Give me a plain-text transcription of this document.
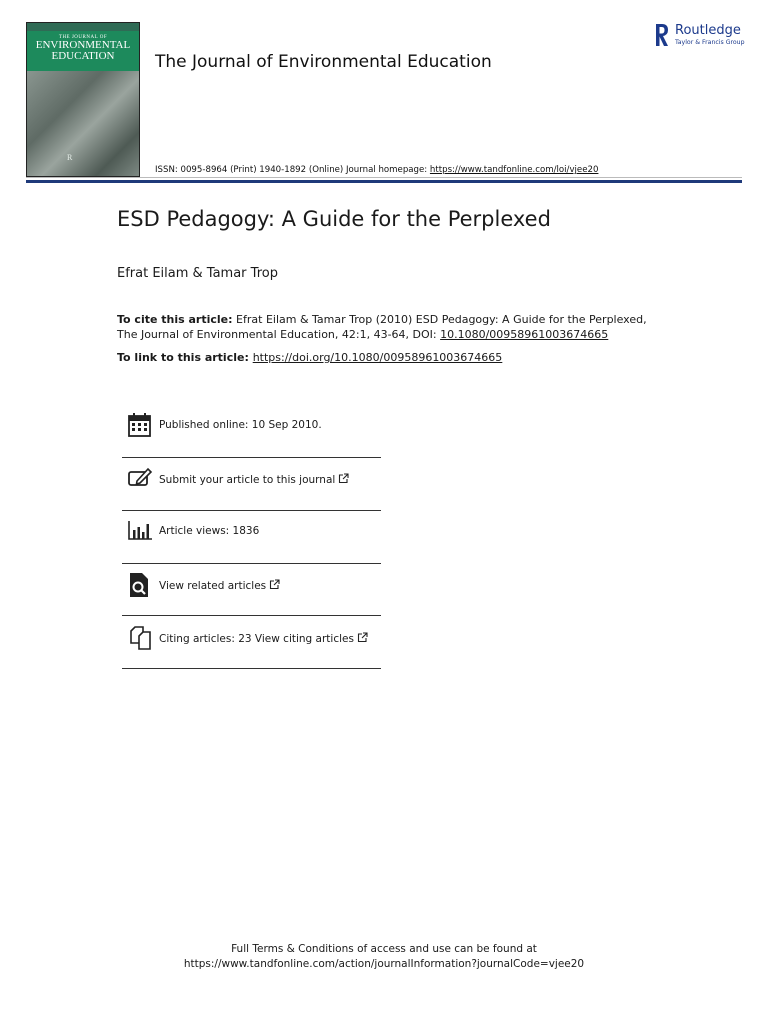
THE JOURNAL OF
ENVIRONMENTAL
EDUCATION
R
The Journal of Environmental Education
Routledge
Taylor & Francis Group
ISSN: 0095-8964 (Print) 1940-1892 (Online) Journal homepage: https://www.tandfonline.com/loi/vjee20
ESD Pedagogy: A Guide for the Perplexed
Efrat Eilam & Tamar Trop
To cite this article: Efrat Eilam & Tamar Trop (2010) ESD Pedagogy: A Guide for the Perplexed, The Journal of Environmental Education, 42:1, 43-64, DOI: 10.1080/00958961003674665
To link to this article: https://doi.org/10.1080/00958961003674665
Published online: 10 Sep 2010.
Submit your article to this journal
Article views: 1836
View related articles
Citing articles: 23 View citing articles
Full Terms & Conditions of access and use can be found at
https://www.tandfonline.com/action/journalInformation?journalCode=vjee20
